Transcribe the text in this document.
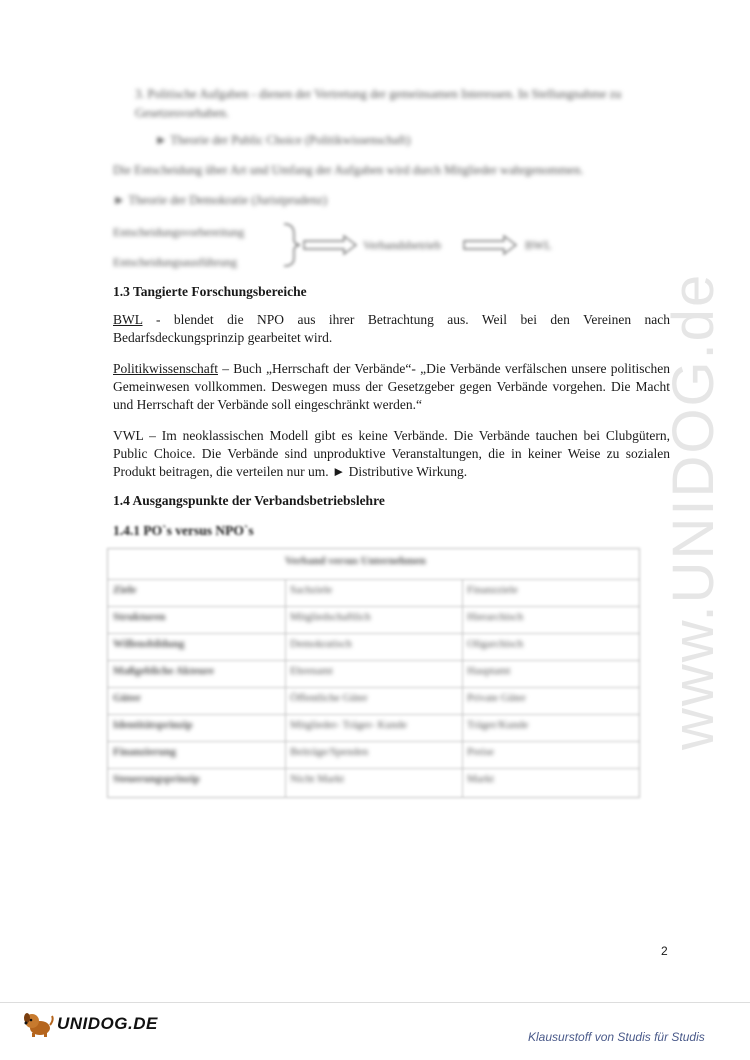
www.UNIDOG.de
3. Politische Aufgaben - dienen der Vertretung der gemeinsamen Interessen. In Stellungnahme zu Gesetzesvorhaben.
► Theorie der Public Choice (Politikwissenschaft)
Die Entscheidung über Art und Umfang der Aufgaben wird durch Mitglieder wahrgenommen.
► Theorie der Demokratie (Juristprudenz)
Entscheidungsvorbereitung
Entscheidungsausführung
Verbandsbetrieb	BWL
1.3 Tangierte Forschungsbereiche
BWL - blendet die NPO aus ihrer Betrachtung aus. Weil bei den Vereinen nach Bedarfsdeckungsprinzip gearbeitet wird.
Politikwissenschaft – Buch „Herrschaft der Verbände“- „Die Verbände verfälschen unsere politischen Gemeinwesen vollkommen. Deswegen muss der Gesetzgeber gegen Verbände vorgehen. Die Macht und Herrschaft der Verbände soll eingeschränkt werden.“
VWL – Im neoklassischen Modell gibt es keine Verbände. Die Verbände tauchen bei Clubgütern, Public Choice. Die Verbände sind unproduktive Veranstaltungen, die in keiner Weise zu sozialen Produkt beitragen, die verteilen nur um. ► Distributive Wirkung.
1.4 Ausgangspunkte der Verbandsbetriebslehre
1.4.1 PO`s versus NPO`s
Verband versus Unternehmen
Ziele	Sachziele	Finanzziele
Strukturen	Mitgliedschaftlich	Hierarchisch
Willensbildung	Demokratisch	Oligarchisch
Maßgebliche Akteure	Ehrenamt	Hauptamt
Güter	Öffentliche Güter	Private Güter
Identitätsprinzip	Mitglieder- Träger- Kunde	Träger/Kunde
Finanzierung	Beiträge/Spenden	Preise
Steuerungsprinzip	Nicht Markt	Markt
2
UNIDOG.DE
Klausurstoff von Studis für Studis
